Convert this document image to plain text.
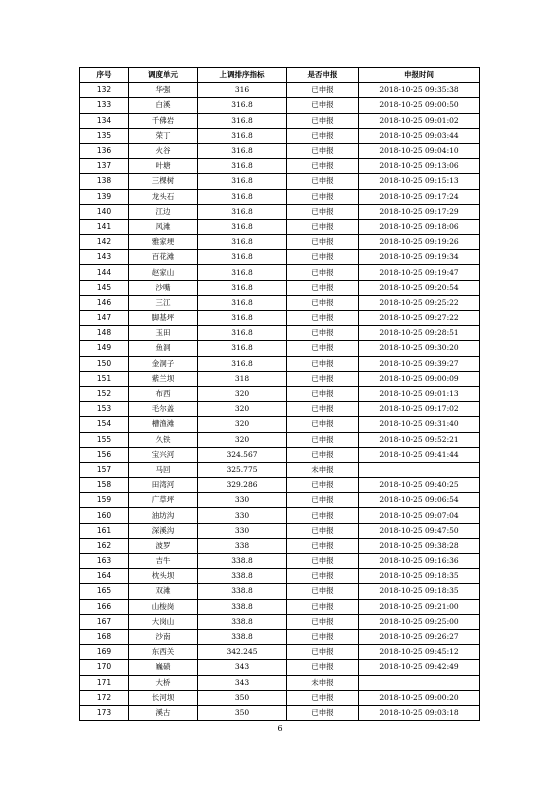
序号	调度单元	上调排序指标	是否申报	申报时间
132	华强	316	已申报	2018-10-25 09:35:38
133	白溪	316.8	已申报	2018-10-25 09:00:50
134	千佛岩	316.8	已申报	2018-10-25 09:01:02
135	荣丁	316.8	已申报	2018-10-25 09:03:44
136	火谷	316.8	已申报	2018-10-25 09:04:10
137	叶塘	316.8	已申报	2018-10-25 09:13:06
138	三棵树	316.8	已申报	2018-10-25 09:15:13
139	龙头石	316.8	已申报	2018-10-25 09:17:24
140	江边	316.8	已申报	2018-10-25 09:17:29
141	风滩	316.8	已申报	2018-10-25 09:18:06
142	雅家埂	316.8	已申报	2018-10-25 09:19:26
143	百花滩	316.8	已申报	2018-10-25 09:19:34
144	赵家山	316.8	已申报	2018-10-25 09:19:47
145	沙嘴	316.8	已申报	2018-10-25 09:20:54
146	三江	316.8	已申报	2018-10-25 09:25:22
147	脚基坪	316.8	已申报	2018-10-25 09:27:22
148	玉田	316.8	已申报	2018-10-25 09:28:51
149	鱼洞	316.8	已申报	2018-10-25 09:30:20
150	金洞子	316.8	已申报	2018-10-25 09:39:27
151	紫兰坝	318	已申报	2018-10-25 09:00:09
152	布西	320	已申报	2018-10-25 09:01:13
153	毛尔盖	320	已申报	2018-10-25 09:17:02
154	槽渔滩	320	已申报	2018-10-25 09:31:40
155	久铁	320	已申报	2018-10-25 09:52:21
156	宝兴河	324.567	已申报	2018-10-25 09:41:44
157	马回	325.775	未申报	
158	田湾河	329.286	已申报	2018-10-25 09:40:25
159	广草坪	330	已申报	2018-10-25 09:06:54
160	油坊沟	330	已申报	2018-10-25 09:07:04
161	深溪沟	330	已申报	2018-10-25 09:47:50
162	波罗	338	已申报	2018-10-25 09:38:28
163	吉牛	338.8	已申报	2018-10-25 09:16:36
164	枕头坝	338.8	已申报	2018-10-25 09:18:35
165	双滩	338.8	已申报	2018-10-25 09:18:35
166	山梭岗	338.8	已申报	2018-10-25 09:21:00
167	大岗山	338.8	已申报	2018-10-25 09:25:00
168	沙南	338.8	已申报	2018-10-25 09:26:27
169	东西关	342.245	已申报	2018-10-25 09:45:12
170	巍碛	343	已申报	2018-10-25 09:42:49
171	大桥	343	未申报	
172	长河坝	350	已申报	2018-10-25 09:00:20
173	溪古	350	已申报	2018-10-25 09:03:18
6
